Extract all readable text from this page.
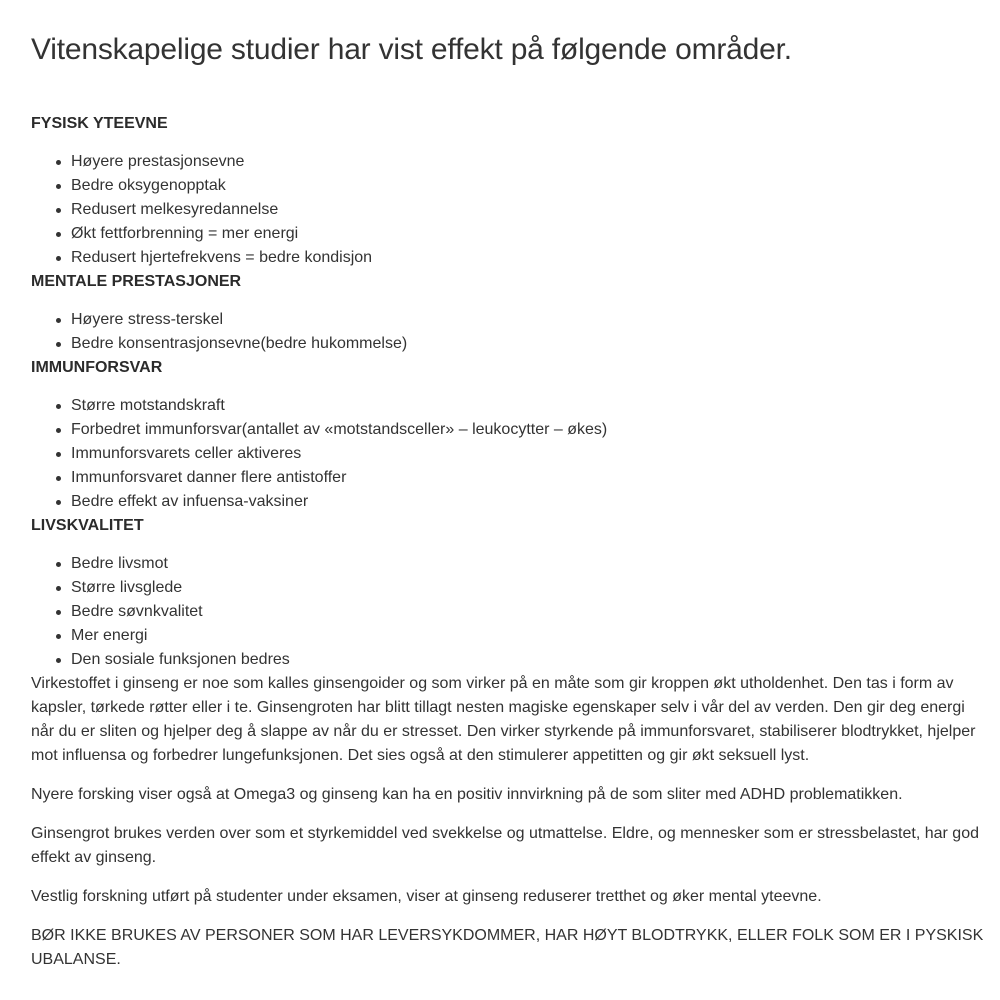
Vitenskapelige studier har vist effekt på følgende områder.

FYSISK YTEEVNE

Høyere prestasjonsevne
Bedre oksygenopptak
Redusert melkesyredannelse
Økt fettforbrenning = mer energi
Redusert hjertefrekvens = bedre kondisjon

MENTALE PRESTASJONER

Høyere stress-terskel
Bedre konsentrasjonsevne(bedre hukommelse)

IMMUNFORSVAR

Større motstandskraft
Forbedret immunforsvar(antallet av «motstandsceller» – leukocytter – økes)
Immunforsvarets celler aktiveres
Immunforsvaret danner flere antistoffer
Bedre effekt av infuensa-vaksiner

LIVSKVALITET

Bedre livsmot
Større livsglede
Bedre søvnkvalitet
Mer energi
Den sosiale funksjonen bedres

Virkestoffet i ginseng er noe som kalles ginsengoider og som virker på en måte som gir kroppen økt utholdenhet. Den tas i form av kapsler, tørkede røtter eller i te. Ginsengroten har blitt tillagt nesten magiske egenskaper selv i vår del av verden. Den gir deg energi når du er sliten og hjelper deg å slappe av når du er stresset. Den virker styrkende på immunforsvaret, stabiliserer blodtrykket, hjelper mot influensa og forbedrer lungefunksjonen. Det sies også at den stimulerer appetitten og gir økt seksuell lyst.

Nyere forsking viser også at Omega3 og ginseng kan ha en positiv innvirkning på de som sliter med ADHD problematikken.

Ginsengrot brukes verden over som et styrkemiddel ved svekkelse og utmattelse. Eldre, og mennesker som er stressbelastet, har god effekt av ginseng.

Vestlig forskning utført på studenter under eksamen, viser at ginseng reduserer tretthet og øker mental yteevne.

BØR IKKE BRUKES AV PERSONER SOM HAR LEVERSYKDOMMER, HAR HØYT BLODTRYKK, ELLER FOLK SOM ER I PYSKISK UBALANSE.
